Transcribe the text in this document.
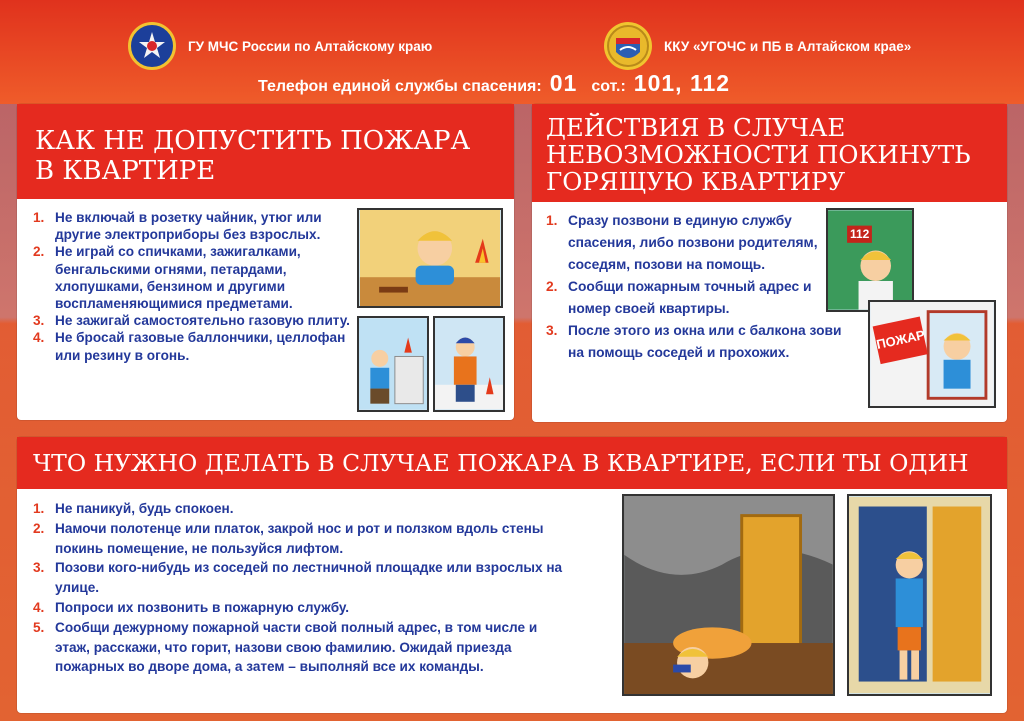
ГУ МЧС России по Алтайскому краю	ККУ «УГОЧС и ПБ в Алтайском крае»
Телефон единой службы спасения: 01 сот.: 101, 112
КАК НЕ ДОПУСТИТЬ ПОЖАРА В КВАРТИРЕ
1. Не включай в розетку чайник, утюг или другие электроприборы без взрослых.
2. Не играй со спичками, зажигалками, бенгальскими огнями, петардами, хлопушками, бензином и другими воспламеняющимися предметами.
3. Не зажигай самостоятельно газовую плиту.
4. Не бросай газовые баллончики, целлофан или резину в огонь.
ДЕЙСТВИЯ В СЛУЧАЕ НЕВОЗМОЖНОСТИ ПОКИНУТЬ ГОРЯЩУЮ КВАРТИРУ
1. Сразу позвони в единую службу спасения, либо позвони родителям, соседям, позови на помощь.
2. Сообщи пожарным точный адрес и номер своей квартиры.
3. После этого из окна или с балкона зови на помощь соседей и прохожих.
112
ПОЖАР
ЧТО НУЖНО ДЕЛАТЬ В СЛУЧАЕ ПОЖАРА В КВАРТИРЕ, ЕСЛИ ТЫ ОДИН
1. Не паникуй, будь спокоен.
2. Намочи полотенце или платок, закрой нос и рот и ползком вдоль стены покинь помещение, не пользуйся лифтом.
3. Позови кого-нибудь из соседей по лестничной площадке или взрослых на улице.
4. Попроси их позвонить в пожарную службу.
5. Сообщи дежурному пожарной части свой полный адрес, в том числе и этаж, расскажи, что горит, назови свою фамилию. Ожидай приезда пожарных во дворе дома, а затем – выполняй все их команды.
